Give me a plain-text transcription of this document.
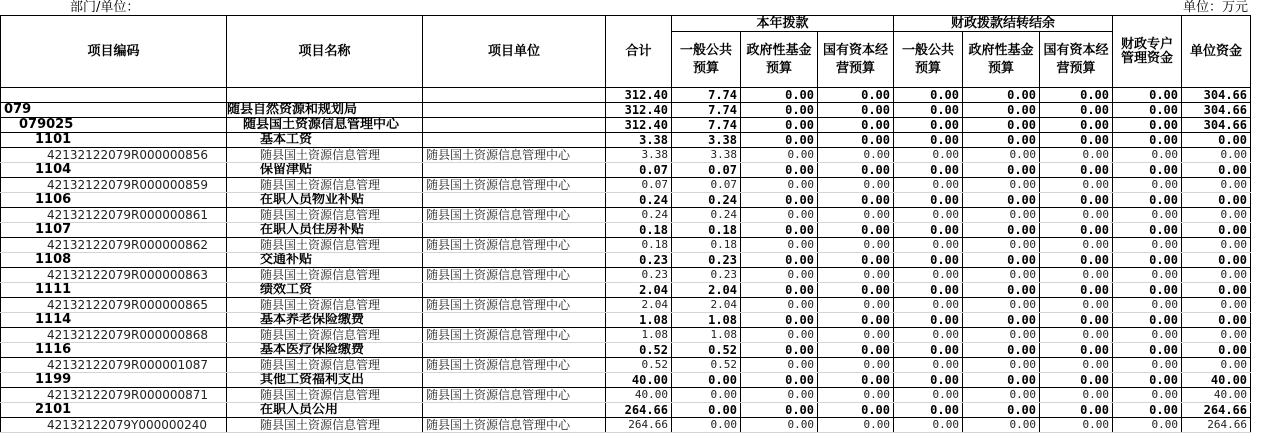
部门/单位：	单位：万元
项目编码	项目名称	项目单位	合计	本年拨款			财政拨款结转结余			财政专户管理资金	单位资金
				一般公共预算	政府性基金预算	国有资本经营预算	一般公共预算	政府性基金预算	国有资本经营预算		
			312.40	7.74	0.00	0.00	0.00	0.00	0.00	0.00	304.66
079	随县自然资源和规划局		312.40	7.74	0.00	0.00	0.00	0.00	0.00	0.00	304.66
079025	随县国土资源信息管理中心		312.40	7.74	0.00	0.00	0.00	0.00	0.00	0.00	304.66
1101	基本工资		3.38	3.38	0.00	0.00	0.00	0.00	0.00	0.00	0.00
42132122079R000000856	随县国土资源信息管理	随县国土资源信息管理中心	3.38	3.38	0.00	0.00	0.00	0.00	0.00	0.00	0.00
1104	保留津贴		0.07	0.07	0.00	0.00	0.00	0.00	0.00	0.00	0.00
42132122079R000000859	随县国土资源信息管理	随县国土资源信息管理中心	0.07	0.07	0.00	0.00	0.00	0.00	0.00	0.00	0.00
1106	在职人员物业补贴		0.24	0.24	0.00	0.00	0.00	0.00	0.00	0.00	0.00
42132122079R000000861	随县国土资源信息管理	随县国土资源信息管理中心	0.24	0.24	0.00	0.00	0.00	0.00	0.00	0.00	0.00
1107	在职人员住房补贴		0.18	0.18	0.00	0.00	0.00	0.00	0.00	0.00	0.00
42132122079R000000862	随县国土资源信息管理	随县国土资源信息管理中心	0.18	0.18	0.00	0.00	0.00	0.00	0.00	0.00	0.00
1108	交通补贴		0.23	0.23	0.00	0.00	0.00	0.00	0.00	0.00	0.00
42132122079R000000863	随县国土资源信息管理	随县国土资源信息管理中心	0.23	0.23	0.00	0.00	0.00	0.00	0.00	0.00	0.00
1111	绩效工资		2.04	2.04	0.00	0.00	0.00	0.00	0.00	0.00	0.00
42132122079R000000865	随县国土资源信息管理	随县国土资源信息管理中心	2.04	2.04	0.00	0.00	0.00	0.00	0.00	0.00	0.00
1114	基本养老保险缴费		1.08	1.08	0.00	0.00	0.00	0.00	0.00	0.00	0.00
42132122079R000000868	随县国土资源信息管理	随县国土资源信息管理中心	1.08	1.08	0.00	0.00	0.00	0.00	0.00	0.00	0.00
1116	基本医疗保险缴费		0.52	0.52	0.00	0.00	0.00	0.00	0.00	0.00	0.00
42132122079R000001087	随县国土资源信息管理	随县国土资源信息管理中心	0.52	0.52	0.00	0.00	0.00	0.00	0.00	0.00	0.00
1199	其他工资福利支出		40.00	0.00	0.00	0.00	0.00	0.00	0.00	0.00	40.00
42132122079R000000871	随县国土资源信息管理	随县国土资源信息管理中心	40.00	0.00	0.00	0.00	0.00	0.00	0.00	0.00	40.00
2101	在职人员公用		264.66	0.00	0.00	0.00	0.00	0.00	0.00	0.00	264.66
42132122079Y000000240	随县国土资源信息管理	随县国土资源信息管理中心	264.66	0.00	0.00	0.00	0.00	0.00	0.00	0.00	264.66
